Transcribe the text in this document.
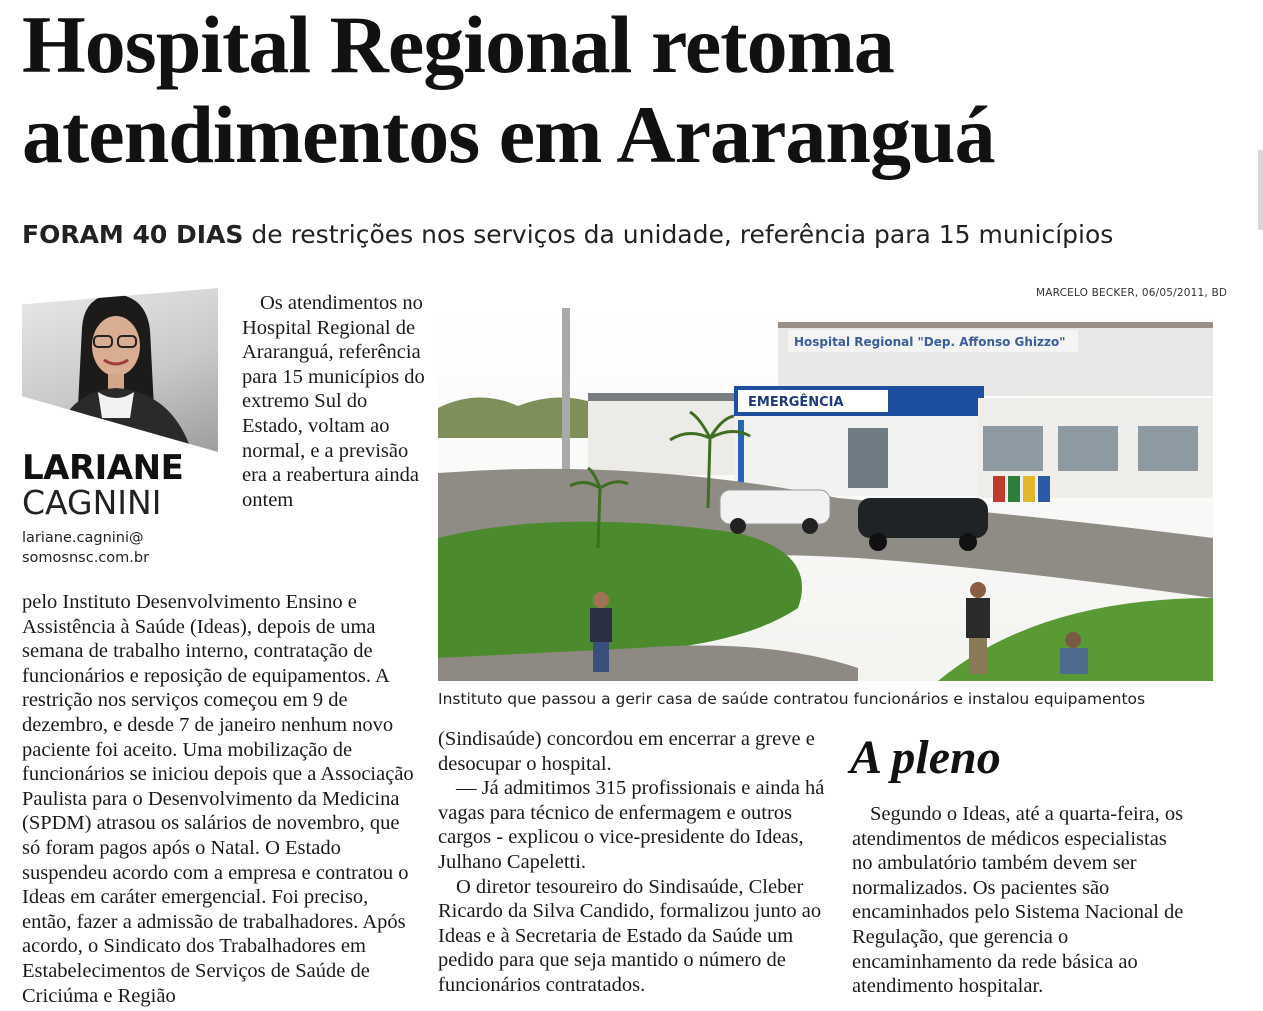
Hospital Regional retoma atendimentos em Araranguá
FORAM 40 DIAS de restrições nos serviços da unidade, referência para 15 municípios
LARIANE
CAGNINI
lariane.cagnini@
somosnsc.com.br
Os atendimentos no Hospital Regional de Araranguá, referência para 15 municípios do extremo Sul do Estado, voltam ao normal, e a previsão era a reabertura ainda ontem
pelo Instituto Desenvolvimento Ensino e Assistência à Saúde (Ideas), depois de uma semana de trabalho interno, contratação de funcionários e reposição de equipamentos. A restrição nos serviços começou em 9 de dezembro, e desde 7 de janeiro nenhum novo paciente foi aceito. Uma mobilização de funcionários se iniciou depois que a Associação Paulista para o Desenvolvimento da Medicina (SPDM) atrasou os salários de novembro, que só foram pagos após o Natal. O Estado suspendeu acordo com a empresa e contratou o Ideas em caráter emergencial. Foi preciso, então, fazer a admissão de trabalhadores. Após acordo, o Sindicato dos Trabalhadores em Estabelecimentos de Serviços de Saúde de Criciúma e Região
MARCELO BECKER, 06/05/2011, BD
Hospital Regional "Dep. Affonso Ghizzo"
EMERGÊNCIA
Instituto que passou a gerir casa de saúde contratou funcionários e instalou equipamentos
(Sindisaúde) concordou em encerrar a greve e desocupar o hospital.
— Já admitimos 315 profissionais e ainda há vagas para técnico de enfermagem e outros cargos - explicou o vice-presidente do Ideas, Julhano Capeletti.
O diretor tesoureiro do Sindisaúde, Cleber Ricardo da Silva Candido, formalizou junto ao Ideas e à Secretaria de Estado da Saúde um pedido para que seja mantido o número de funcionários contratados.
A pleno
Segundo o Ideas, até a quarta-feira, os atendimentos de médicos especialistas no ambulatório também devem ser normalizados. Os pacientes são encaminhados pelo Sistema Nacional de Regulação, que gerencia o encaminhamento da rede básica ao atendimento hospitalar.
